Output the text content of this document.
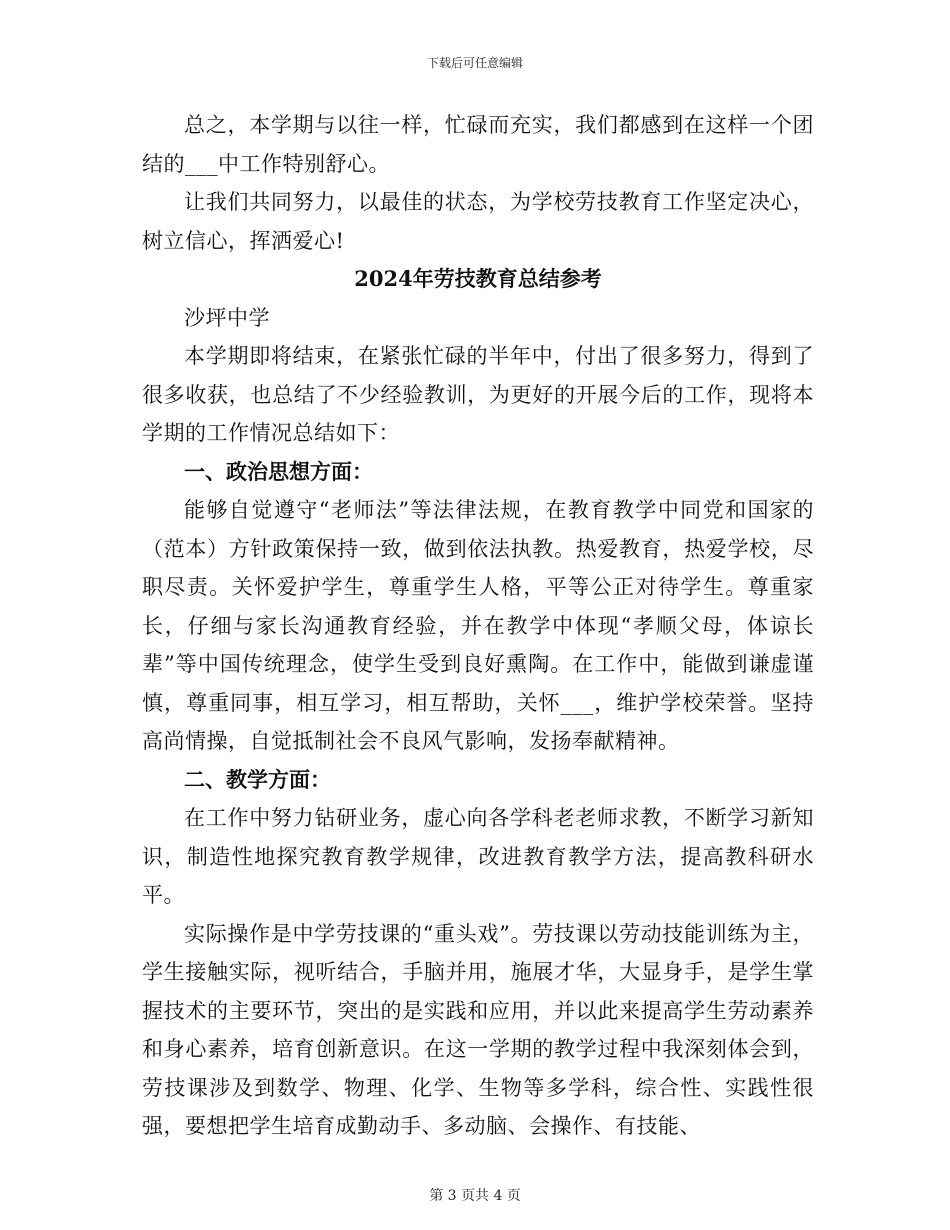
下载后可任意编辑

总之，本学期与以往一样，忙碌而充实，我们都感到在这样一个团结的___中工作特别舒心。

让我们共同努力，以最佳的状态，为学校劳技教育工作坚定决心，树立信心，挥洒爱心!

2024年劳技教育总结参考

沙坪中学

本学期即将结束，在紧张忙碌的半年中，付出了很多努力，得到了很多收获，也总结了不少经验教训，为更好的开展今后的工作，现将本学期的工作情况总结如下：

一、政治思想方面：

能够自觉遵守“老师法”等法律法规，在教育教学中同党和国家的（范本）方针政策保持一致，做到依法执教。热爱教育，热爱学校，尽职尽责。关怀爱护学生，尊重学生人格，平等公正对待学生。尊重家长，仔细与家长沟通教育经验，并在教学中体现“孝顺父母，体谅长辈”等中国传统理念，使学生受到良好熏陶。在工作中，能做到谦虚谨慎，尊重同事，相互学习，相互帮助，关怀___，维护学校荣誉。坚持高尚情操，自觉抵制社会不良风气影响，发扬奉献精神。

二、教学方面：

在工作中努力钻研业务，虚心向各学科老老师求教，不断学习新知识，制造性地探究教育教学规律，改进教育教学方法，提高教科研水平。

实际操作是中学劳技课的“重头戏”。劳技课以劳动技能训练为主，学生接触实际，视听结合，手脑并用，施展才华，大显身手，是学生掌握技术的主要环节，突出的是实践和应用，并以此来提高学生劳动素养和身心素养，培育创新意识。在这一学期的教学过程中我深刻体会到，劳技课涉及到数学、物理、化学、生物等多学科，综合性、实践性很强，要想把学生培育成勤动手、多动脑、会操作、有技能、

第 3 页共 4 页
